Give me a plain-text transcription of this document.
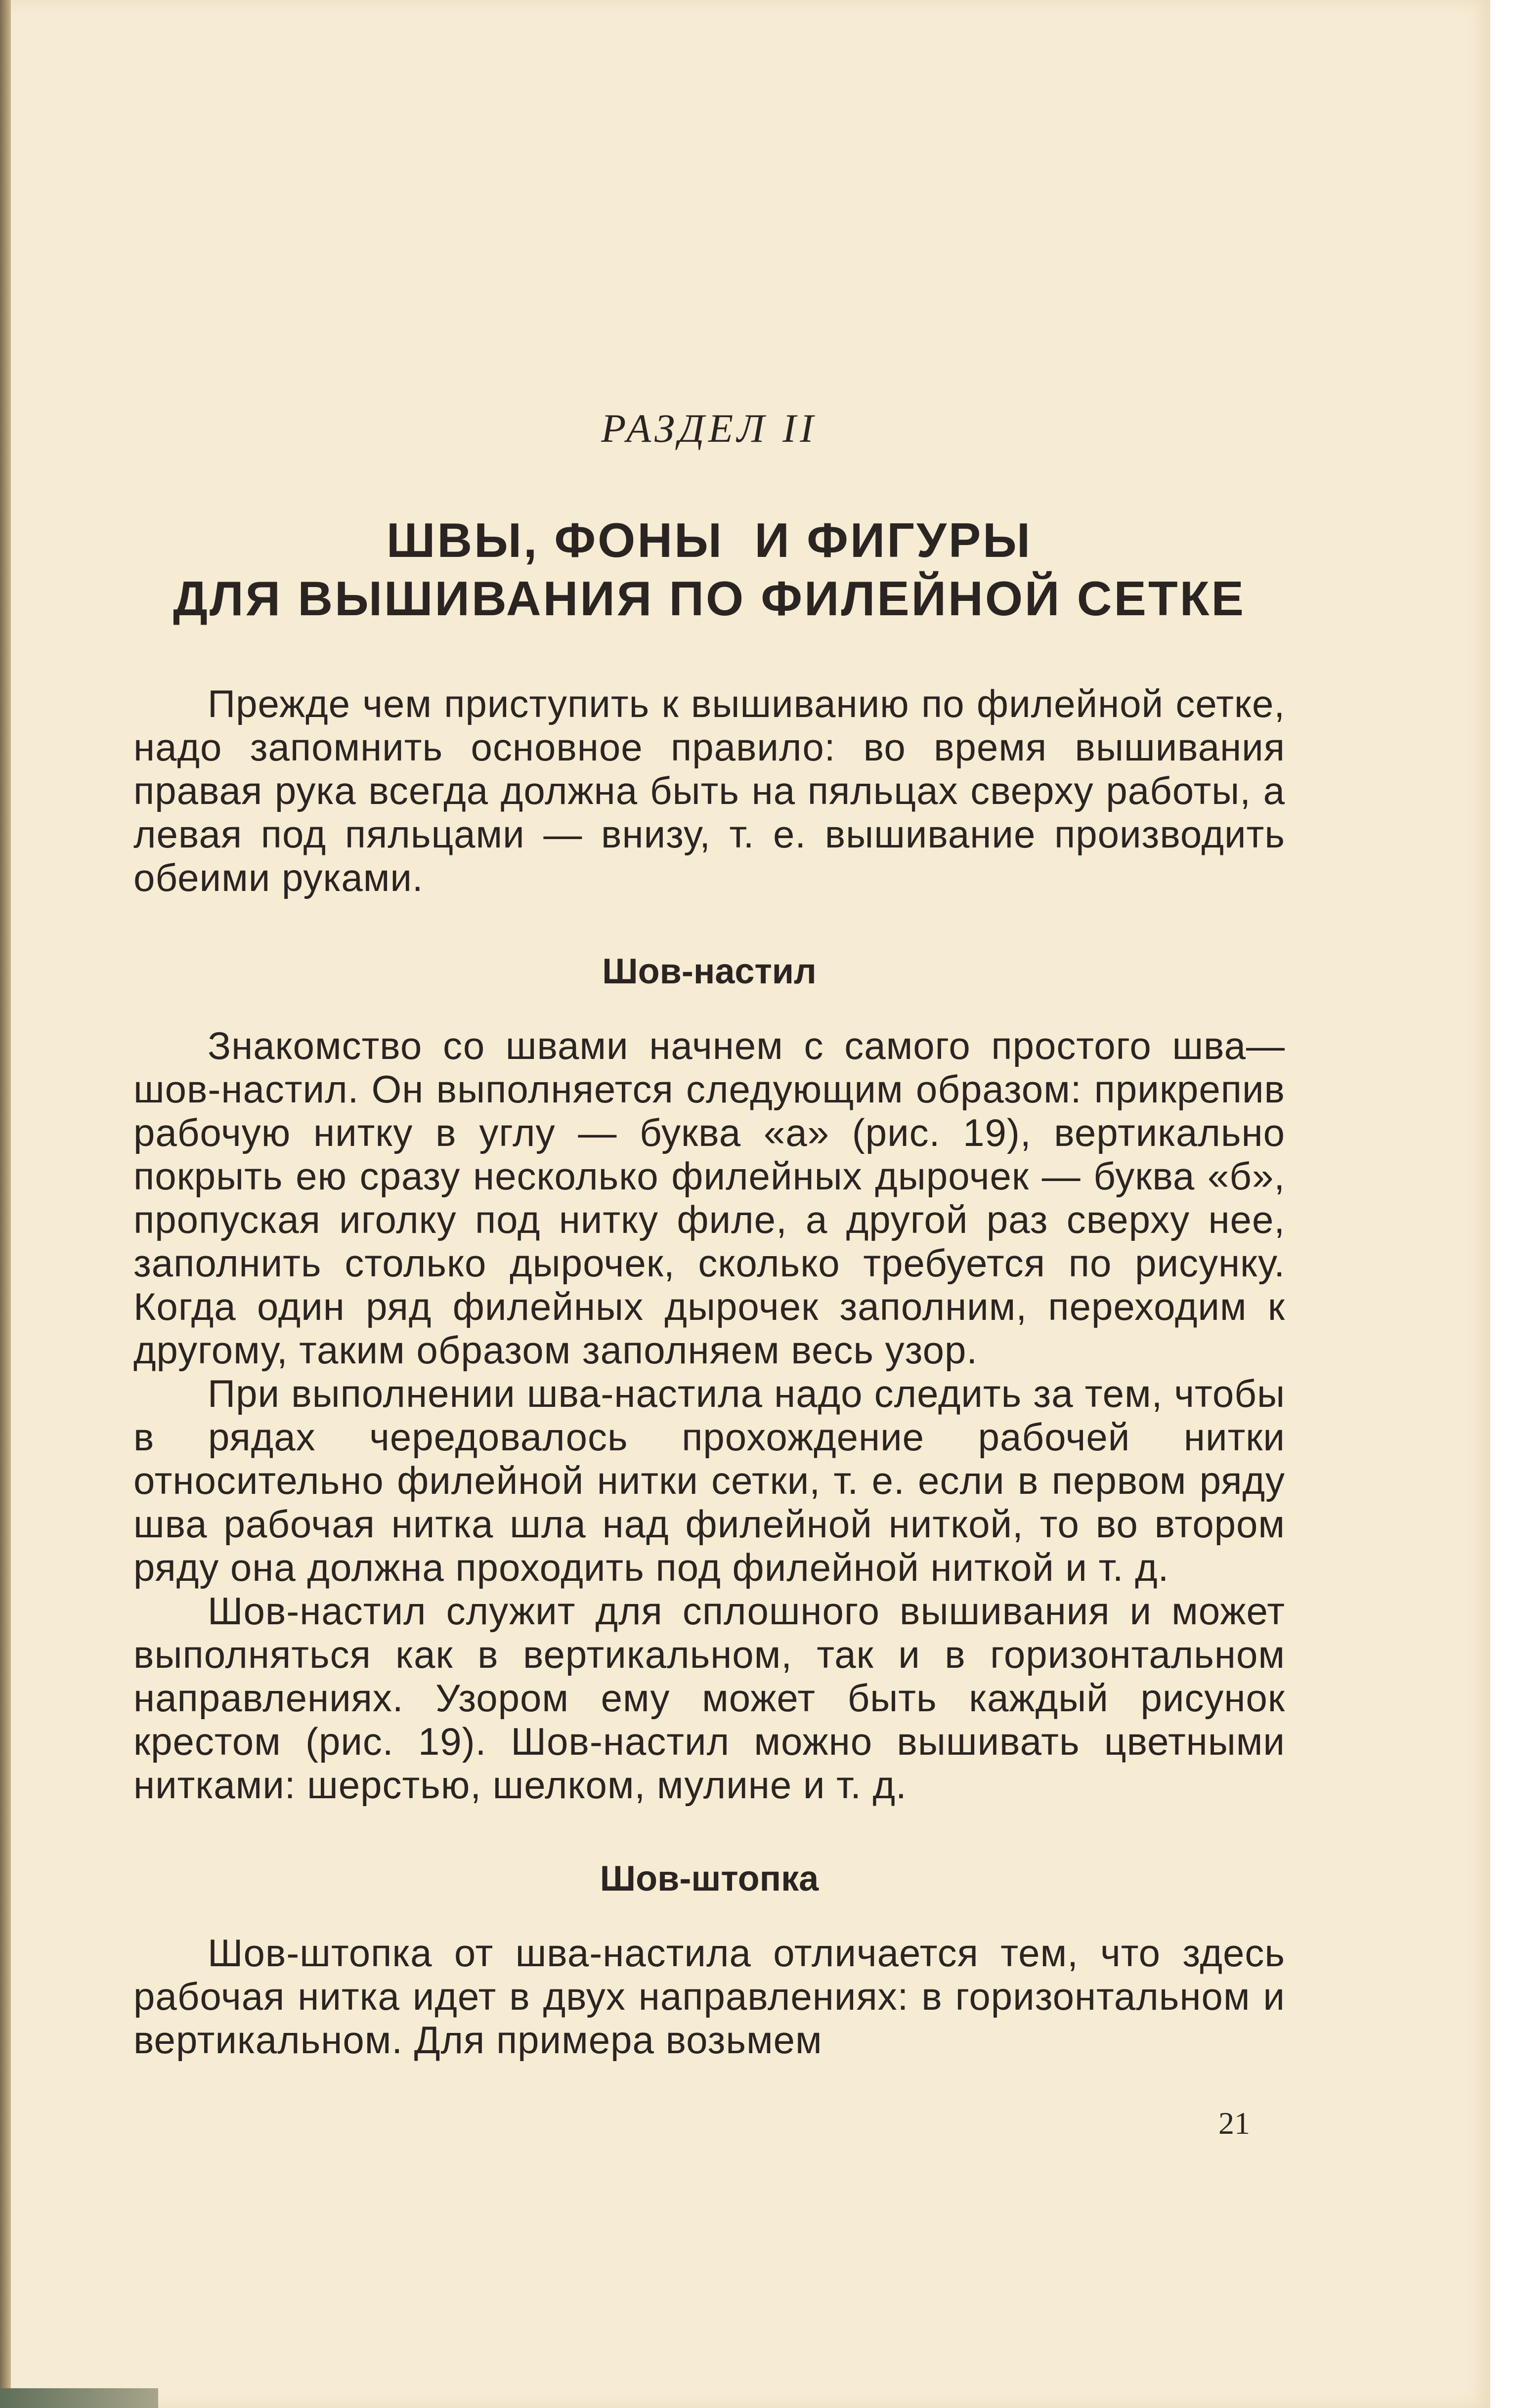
РАЗДЕЛ II
ШВЫ, ФОНЫ  И ФИГУРЫ
ДЛЯ ВЫШИВАНИЯ ПО ФИЛЕЙНОЙ СЕТКЕ

Прежде чем приступить к вышиванию по филейной сетке, надо запомнить основное правило: во время вышивания правая рука всегда должна быть на пяльцах сверху работы, а левая под пяльцами — внизу, т. е. вышивание производить обеими руками.

Шов-настил

Знакомство со швами начнем с самого простого шва— шов-настил. Он выполняется следующим образом: прикрепив рабочую нитку в углу — буква «а» (рис. 19), вертикально покрыть ею сразу несколько филейных дырочек — буква «б», пропуская иголку под нитку филе, а другой раз сверху нее, заполнить столько дырочек, сколько требуется по рисунку. Когда один ряд филейных дырочек заполним, переходим к другому, таким образом заполняем весь узор.

При выполнении шва-настила надо следить за тем, чтобы в рядах чередовалось прохождение рабочей нитки относительно филейной нитки сетки, т. е. если в первом ряду шва рабочая нитка шла над филейной ниткой, то во втором ряду она должна проходить под филейной ниткой и т. д.

Шов-настил служит для сплошного вышивания и может выполняться как в вертикальном, так и в горизонтальном направлениях. Узором ему может быть каждый рисунок крестом (рис. 19). Шов-настил можно вышивать цветными нитками: шерстью, шелком, мулине и т. д.

Шов-штопка

Шов-штопка от шва-настила отличается тем, что здесь рабочая нитка идет в двух направлениях: в горизонтальном и вертикальном. Для примера возьмем

21
